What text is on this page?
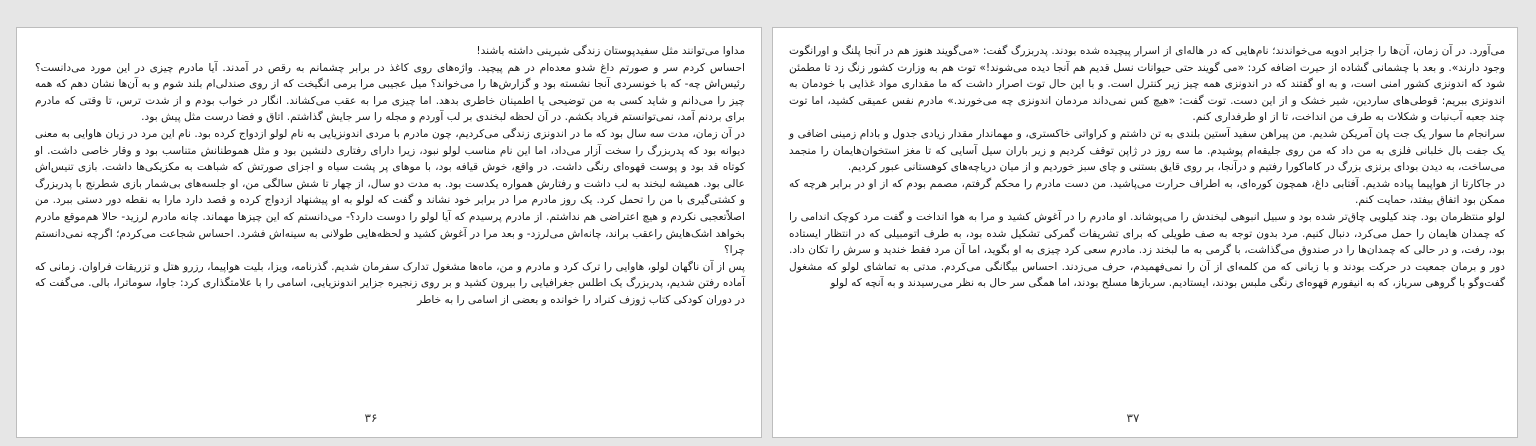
مداوا می‌توانند مثل سفیدپوستان زندگی شیرینی داشته باشند!

احساس کردم سر و صورتم داغ شدو معده‌ام در هم پیچید. واژه‌های روی کاغذ در برابر چشمانم به رقص در آمدند. آیا مادرم چیزی در این مورد می‌دانست؟ رئیس‌اش چه- که با خونسردی آنجا نشسته بود و گزارش‌ها را می‌خواند؟ میل عجیبی مرا برمی انگیخت که از روی صندلی‌ام بلند شوم و به آن‌ها نشان دهم که همه چیز را می‌دانم و شاید کسی به من توضیحی یا اطمینان خاطری بدهد. اما چیزی مرا به عقب می‌کشاند. انگار در خواب بودم و از شدت ترس، تا وقتی که مادرم برای بردنم آمد، نمی‌توانستم فریاد بکشم. در آن لحظه لبخندی بر لب آوردم و مجله را سر جایش گذاشتم. اتاق و فضا درست مثل پیش بود.

در آن زمان، مدت سه سال بود که ما در اندونزی زندگی می‌کردیم، چون مادرم با مردی اندونزیایی به نام لولو ازدواج کرده بود. نام این مرد در زبان هاوایی به معنی دیوانه بود که پدربزرگ را سخت آزار می‌داد، اما این نام مناسب لولو نبود، زیرا دارای رفتاری دلنشین بود و مثل هموطنانش متناسب بود و وقار خاصی داشت. او کوتاه قد بود و پوست قهوه‌ای رنگی داشت. در واقع، خوش قیافه بود، با موهای پر پشت سیاه و اجزای صورتش که شباهت به مکزیکی‌ها داشت. بازی تنیس‌اش عالی بود. همیشه لبخند به لب داشت و رفتارش همواره یکدست بود. به مدت دو سال، از چهار تا شش سالگی من، او جلسه‌های بی‌شمار بازی شطرنج با پدربزرگ و کشتی‌گیری با من را تحمل کرد. یک روز مادرم مرا در برابر خود نشاند و گفت که لولو به او پیشنهاد ازدواج کرده و قصد دارد مارا به نقطه دور دستی ببرد. من اصلاًتعجبی نکردم و هیچ اعتراضی هم نداشتم. از مادرم پرسیدم که آیا لولو را دوست دارد؟- می‌دانستم که این چیزها مهماند. چانه مادرم لرزید- حالا هم‌موقع مادرم بخواهد اشک‌هایش راعقب براند، چانه‌اش می‌لرزد- و بعد مرا در آغوش کشید و لحظه‌هایی طولانی به سینه‌اش فشرد. احساس شجاعت می‌کردم؛ اگرچه نمی‌دانستم چرا؟

پس از آن ناگهان لولو، هاوایی را ترک کرد و مادرم و من، ماه‌ها مشغول تدارک سفرمان شدیم. گذرنامه، ویزا، بلیت هواپیما، رزرو هتل و تزریقات فراوان. زمانی که آماده رفتن شدیم، پدربزرگ یک اطلس جغرافیایی را بیرون کشید و بر روی زنجیره جزایر اندونزیایی، اسامی را با علامتگذاری کرد: جاوا، سوماترا، بالی. می‌گفت که در دوران کودکی کتاب ژوزف کنراد را خوانده و بعضی از اسامی را به خاطر

۳۶

می‌آورد. در آن زمان، آن‌ها را جزایر ادویه می‌خواندند؛ نام‌هایی که در هاله‌ای از اسرار پیچیده شده بودند. پدربزرگ گفت: «می‌گویند هنوز هم در آنجا پلنگ و اورانگوت وجود دارند». و بعد با چشمانی گشاده از حیرت اضافه کرد: «می گویند حتی حیوانات نسل قدیم هم آنجا دیده می‌شوند!» توت هم به وزارت کشور زنگ زد تا مطمئن شود که اندونزی کشور امنی است، و به او گفتند که در اندونزی همه چیز زیر کنترل است. و با این حال توت اصرار داشت که ما مقداری مواد غذایی با خودمان به اندونزی ببریم: قوطی‌های ساردین، شیر خشک و از این دست. توت گفت: «هیچ کس نمی‌داند مردمان اندونزی چه می‌خورند.» مادرم نفس عمیقی کشید، اما توت چند جعبه آب‌نبات و شکلات به طرف من انداخت، تا از او طرفداری کنم.

سرانجام ما سوار یک جت پان آمریکن شدیم. من پیراهن سفید آستین بلندی به تن داشتم و کراواتی خاکستری، و مهماندار مقدار زیادی جدول و بادام زمینی اضافی و یک جفت بال خلبانی فلزی به من داد که من روی جلیقه‌ام پوشیدم. ما سه روز در ژاپن توقف کردیم و زیر باران سیل آسایی که تا مغز استخوان‌هایمان را منجمد می‌ساخت، به دیدن بودای برنزی بزرگ در کاماکورا رفتیم و درآنجا، بر روی قایق بستنی و چای سبز خوردیم و از میان دریاچه‌های کوهستانی عبور کردیم.

در جاکارتا از هواپیما پیاده شدیم. آفتابی داغ، همچون کوره‌ای، به اطراف حرارت می‌پاشید. من دست مادرم را محکم گرفتم، مصمم بودم که از او در برابر هرچه که ممکن بود اتفاق بیفتد، حمایت کنم.

لولو منتظرمان بود. چند کیلویی چاق‌تر شده بود و سبیل انبوهی لبخندش را می‌پوشاند. او مادرم را در آغوش کشید و مرا به هوا انداخت و گفت مرد کوچک اندامی را که چمدان هایمان را حمل می‌کرد، دنبال کنیم. مرد بدون توجه به صف طویلی که برای تشریفات گمرکی تشکیل شده بود، به طرف اتومبیلی که در انتظار ایستاده بود، رفت، و در حالی که چمدان‌ها را در صندوق می‌گذاشت، با گرمی به ما لبخند زد. مادرم سعی کرد چیزی به او بگوید، اما آن مرد فقط خندید و سرش را تکان داد. دور و برمان جمعیت در حرکت بودند و با زبانی که من کلمه‌ای از آن را نمی‌فهمیدم، حرف می‌زدند. احساس بیگانگی می‌کردم. مدتی به تماشای لولو که مشغول گفت‌وگو با گروهی سرباز، که به انیفورم قهوه‌ای رنگی ملبس بودند، ایستادیم. سربازها مسلح بودند، اما همگی سر حال به نظر می‌رسیدند و به آنچه که لولو

۳۷
